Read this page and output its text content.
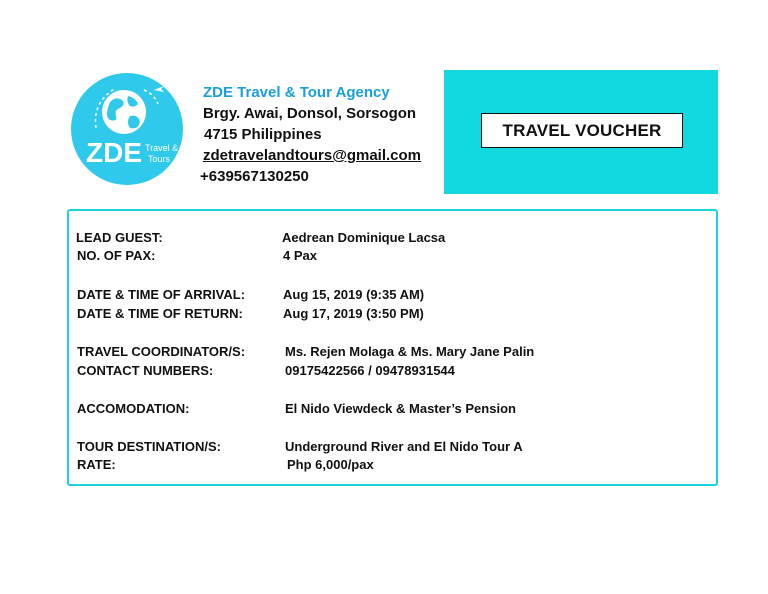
ZDE Travel &
Tours
ZDE Travel & Tour Agency
Brgy. Awai, Donsol, Sorsogon
4715 Philippines
zdetravelandtours@gmail.com
+639567130250
TRAVEL VOUCHER
LEAD GUEST:	Aedrean Dominique Lacsa
NO. OF PAX:	4 Pax
DATE & TIME OF ARRIVAL:	Aug 15, 2019 (9:35 AM)
DATE & TIME OF RETURN:	Aug 17, 2019 (3:50 PM)
TRAVEL COORDINATOR/S:	Ms. Rejen Molaga & Ms. Mary Jane Palin
CONTACT NUMBERS:	09175422566 / 09478931544
ACCOMODATION:	El Nido Viewdeck & Master’s Pension
TOUR DESTINATION/S:	Underground River and El Nido Tour A
RATE:	Php 6,000/pax
